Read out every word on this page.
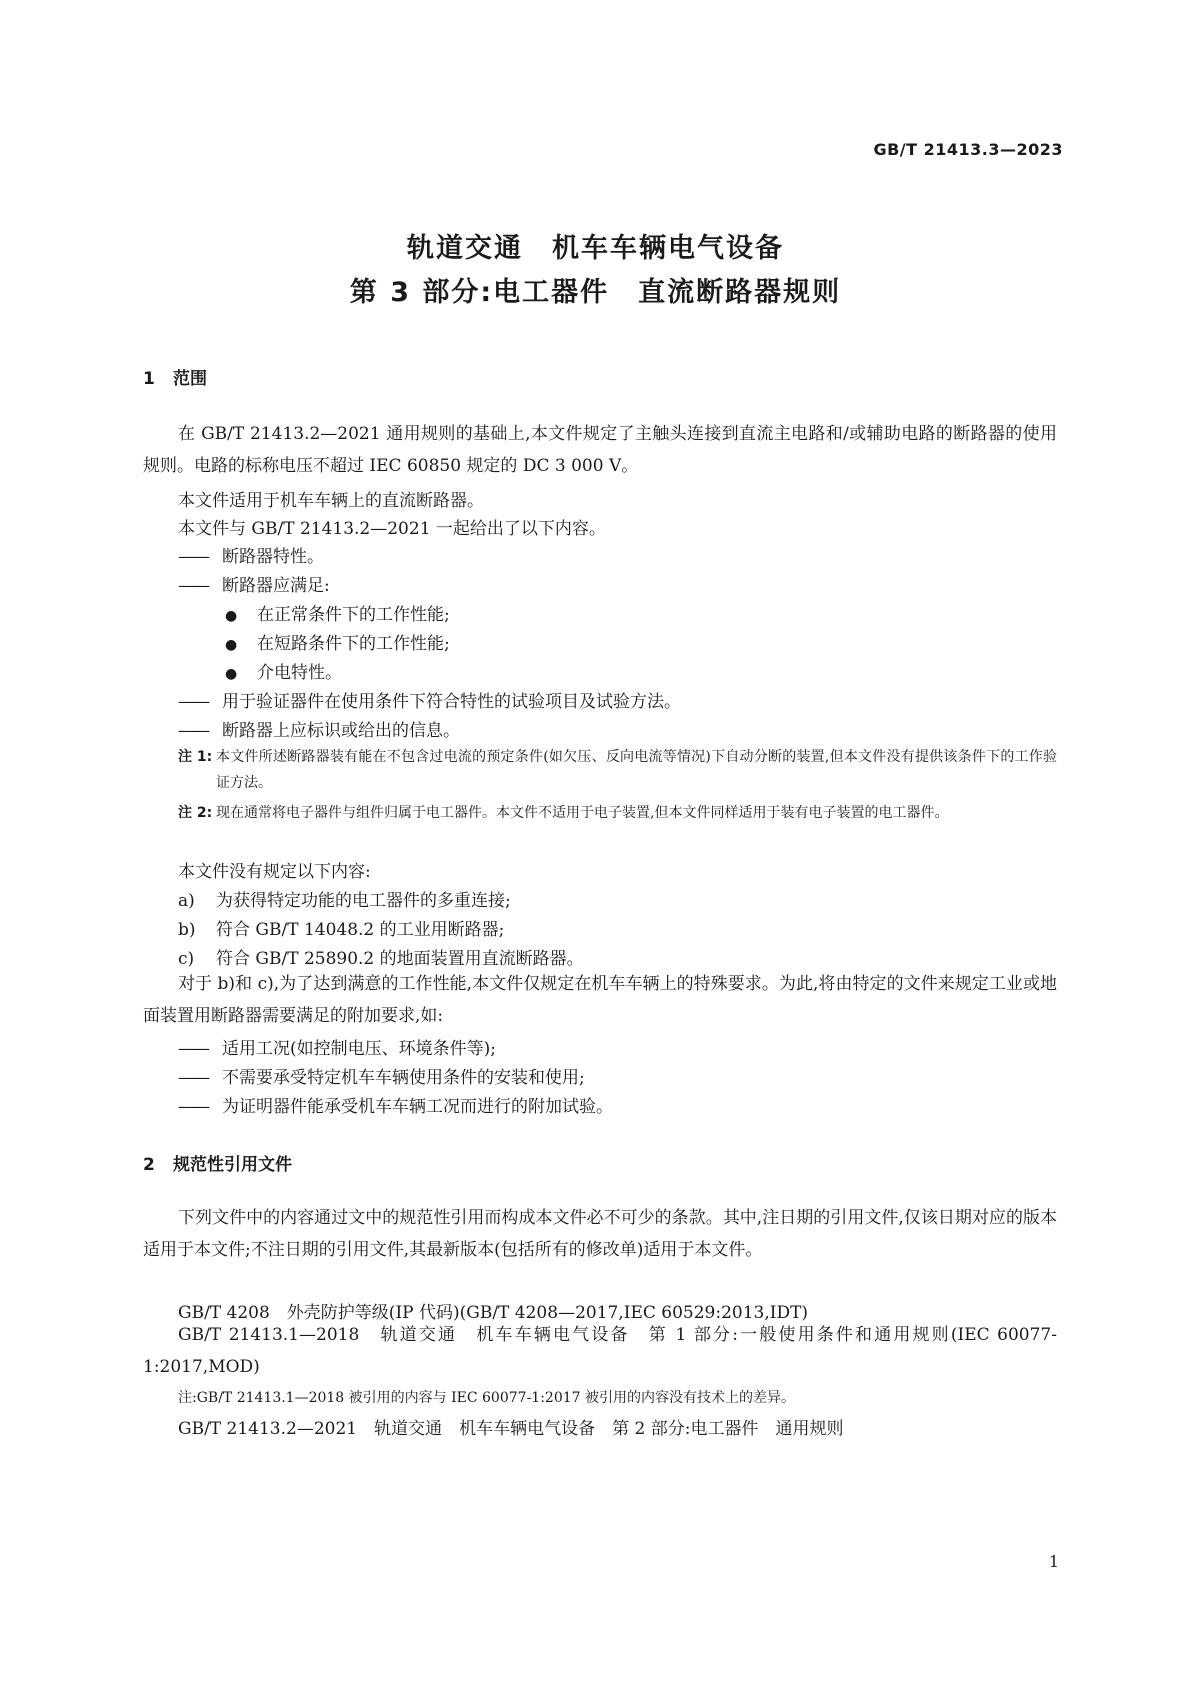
GB/T 21413.3—2023
轨道交通　机车车辆电气设备
第 3 部分:电工器件　直流断路器规则
1 范围
在 GB/T 21413.2—2021 通用规则的基础上,本文件规定了主触头连接到直流主电路和/或辅助电路的断路器的使用规则。电路的标称电压不超过 IEC 60850 规定的 DC 3 000 V。
本文件适用于机车车辆上的直流断路器。
本文件与 GB/T 21413.2—2021 一起给出了以下内容。
—— 断路器特性。
—— 断路器应满足:
● 在正常条件下的工作性能;
● 在短路条件下的工作性能;
● 介电特性。
—— 用于验证器件在使用条件下符合特性的试验项目及试验方法。
—— 断路器上应标识或给出的信息。
注 1: 本文件所述断路器装有能在不包含过电流的预定条件(如欠压、反向电流等情况)下自动分断的装置,但本文件没有提供该条件下的工作验证方法。
注 2: 现在通常将电子器件与组件归属于电工器件。本文件不适用于电子装置,但本文件同样适用于装有电子装置的电工器件。
本文件没有规定以下内容:
a) 为获得特定功能的电工器件的多重连接;
b) 符合 GB/T 14048.2 的工业用断路器;
c) 符合 GB/T 25890.2 的地面装置用直流断路器。
对于 b)和 c),为了达到满意的工作性能,本文件仅规定在机车车辆上的特殊要求。为此,将由特定的文件来规定工业或地面装置用断路器需要满足的附加要求,如:
—— 适用工况(如控制电压、环境条件等);
—— 不需要承受特定机车车辆使用条件的安装和使用;
—— 为证明器件能承受机车车辆工况而进行的附加试验。
2 规范性引用文件
下列文件中的内容通过文中的规范性引用而构成本文件必不可少的条款。其中,注日期的引用文件,仅该日期对应的版本适用于本文件;不注日期的引用文件,其最新版本(包括所有的修改单)适用于本文件。
GB/T 4208　外壳防护等级(IP 代码)(GB/T 4208—2017,IEC 60529:2013,IDT)
GB/T 21413.1—2018　轨道交通　机车车辆电气设备　第 1 部分:一般使用条件和通用规则(IEC 60077-1:2017,MOD)
注:GB/T 21413.1—2018 被引用的内容与 IEC 60077-1:2017 被引用的内容没有技术上的差异。
GB/T 21413.2—2021　轨道交通　机车车辆电气设备　第 2 部分:电工器件　通用规则
1
